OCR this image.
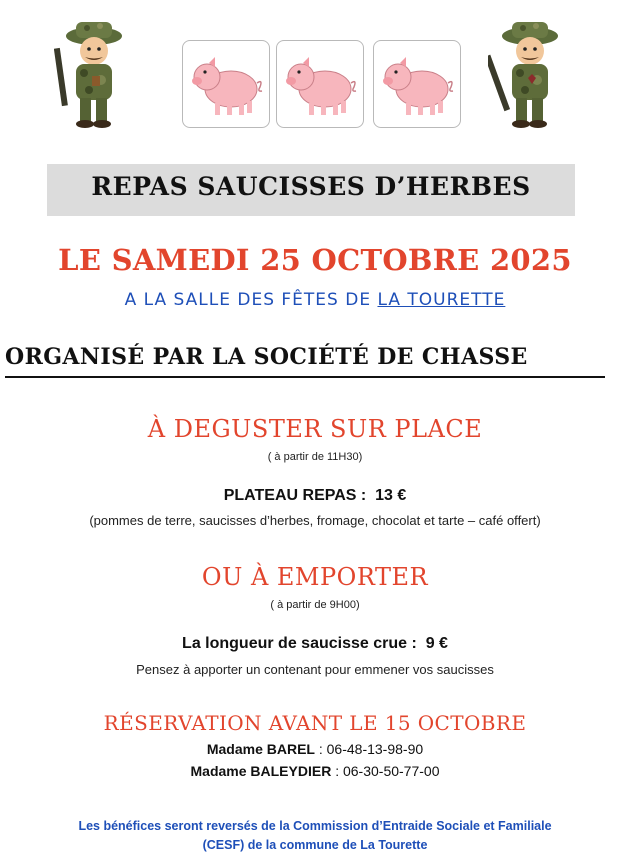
REPAS SAUCISSES D’HERBES
LE SAMEDI 25 OCTOBRE 2025
A LA SALLE DES FÊTES DE LA TOURETTE
ORGANISÉ PAR LA SOCIÉTÉ DE CHASSE
À DEGUSTER SUR PLACE
( à partir de 11H30)
PLATEAU REPAS : 13 €
(pommes de terre, saucisses d’herbes, fromage, chocolat et tarte – café offert)
OU À EMPORTER
( à partir de 9H00)
La longueur de saucisse crue : 9 €
Pensez à apporter un contenant pour emmener vos saucisses
RÉSERVATION AVANT LE 15 OCTOBRE
Madame BAREL : 06-48-13-98-90
Madame BALEYDIER : 06-30-50-77-00
Les bénéfices seront reversés de la Commission d’Entraide Sociale et Familiale
(CESF) de la commune de La Tourette
